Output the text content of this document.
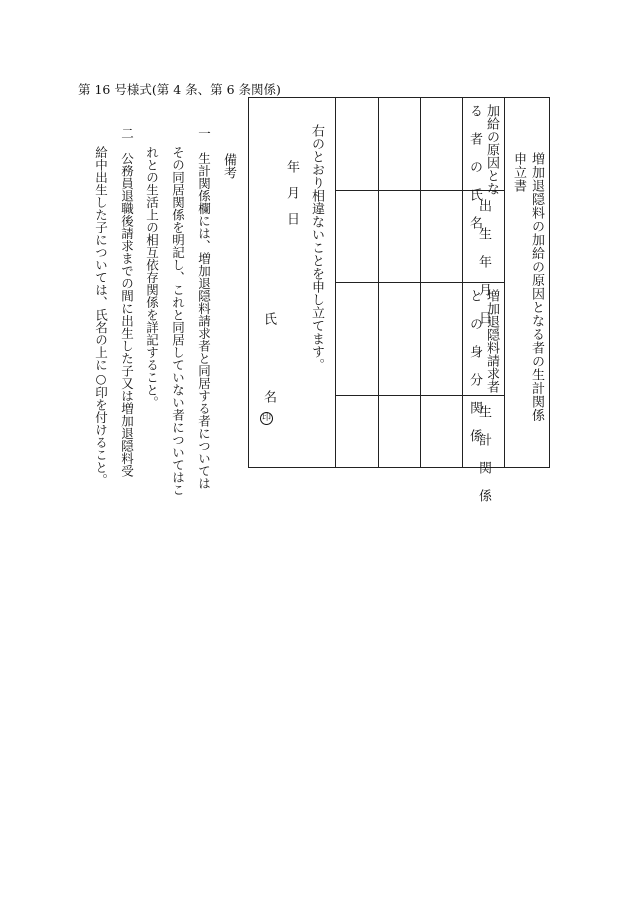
第 16 号様式(第 4 条、第 6 条関係)
増加退隠料の加給の原因となる者の生計関係
申立書
加給の原因とな
る 者 の 氏 名
出 生 年 月 日
増加退隠料請求者
と の 身 分 関 係
生 計 関 係
右のとおり相違ないことを申し立てます。
年　月　日
氏
名
印
備考
一　生計関係欄には、増加退隠料請求者と同居する者については
その同居関係を明記し、これと同居していない者についてはこ
れとの生活上の相互依存関係を詳記すること。
二　公務員退職後請求までの間に出生した子又は増加退隠料受
給中出生した子については、氏名の上に○印を付けること。
